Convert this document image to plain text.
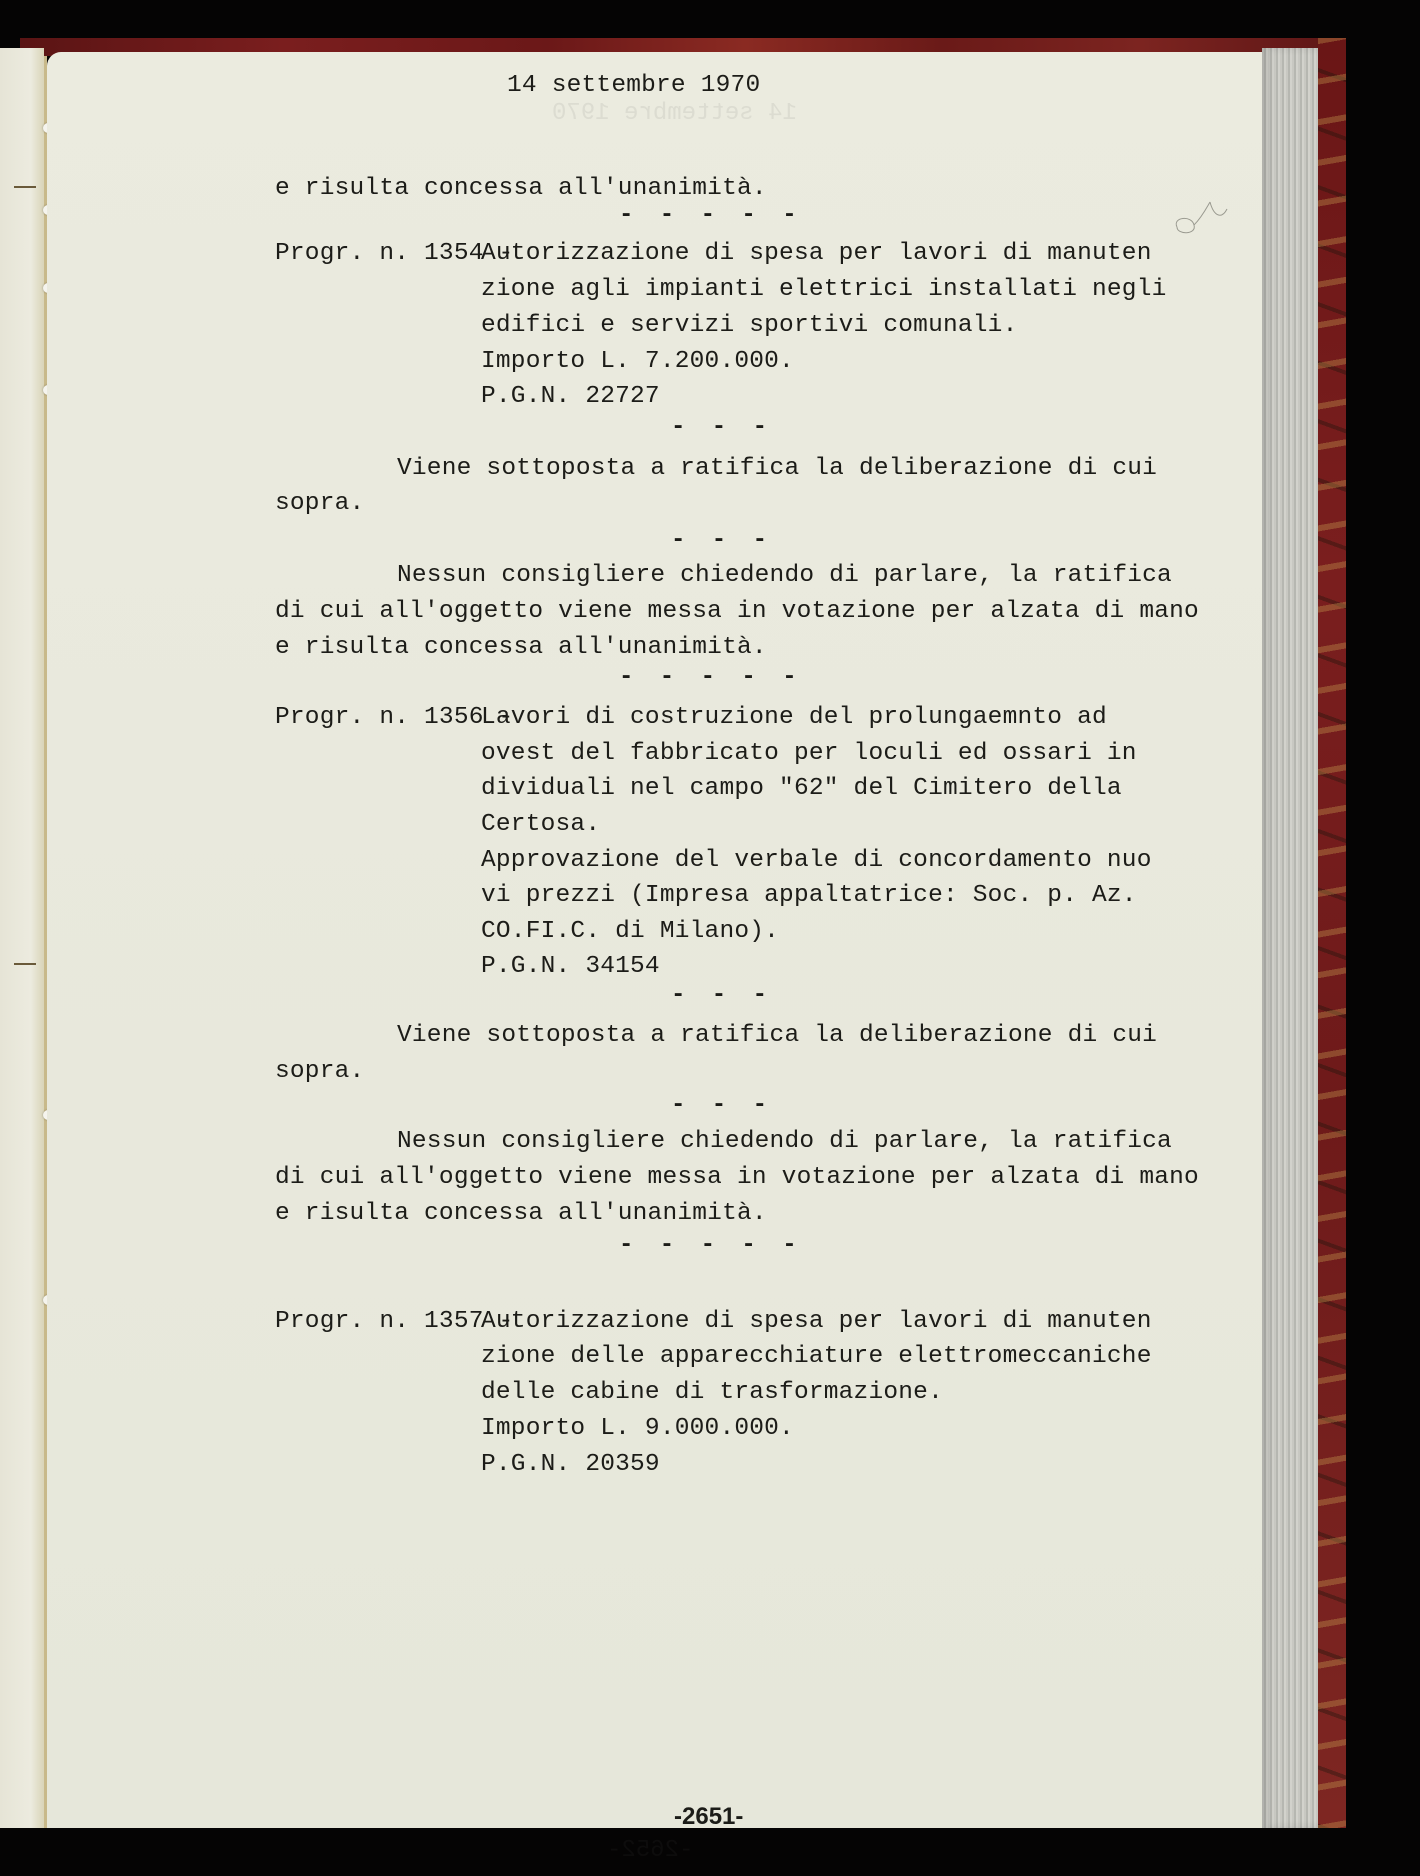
14 settembre 1970
-2652-
14 settembre 1970
e risulta concessa all'unanimità.
- - - - -
Progr. n. 1354 -
Autorizzazione di spesa per lavori di manuten
zione agli impianti elettrici installati negli
edifici e servizi sportivi comunali.
Importo L. 7.200.000.
P.G.N. 22727
- - -
Viene sottoposta a ratifica la deliberazione di cui
sopra.
- - -
Nessun consigliere chiedendo di parlare, la ratifica
di cui all'oggetto viene messa in votazione per alzata di mano
e risulta concessa all'unanimità.
- - - - -
Progr. n. 1356 -
Lavori di costruzione del prolungaemnto ad
ovest del fabbricato per loculi ed ossari in
dividuali nel campo "62" del Cimitero della
Certosa.
Approvazione del verbale di concordamento nuo
vi prezzi (Impresa appaltatrice: Soc. p. Az.
CO.FI.C. di Milano).
P.G.N. 34154
- - -
Viene sottoposta a ratifica la deliberazione di cui
sopra.
- - -
Nessun consigliere chiedendo di parlare, la ratifica
di cui all'oggetto viene messa in votazione per alzata di mano
e risulta concessa all'unanimità.
- - - - -
Progr. n. 1357 -
Autorizzazione di spesa per lavori di manuten
zione delle apparecchiature elettromeccaniche
delle cabine di trasformazione.
Importo L. 9.000.000.
P.G.N. 20359
-2651-
